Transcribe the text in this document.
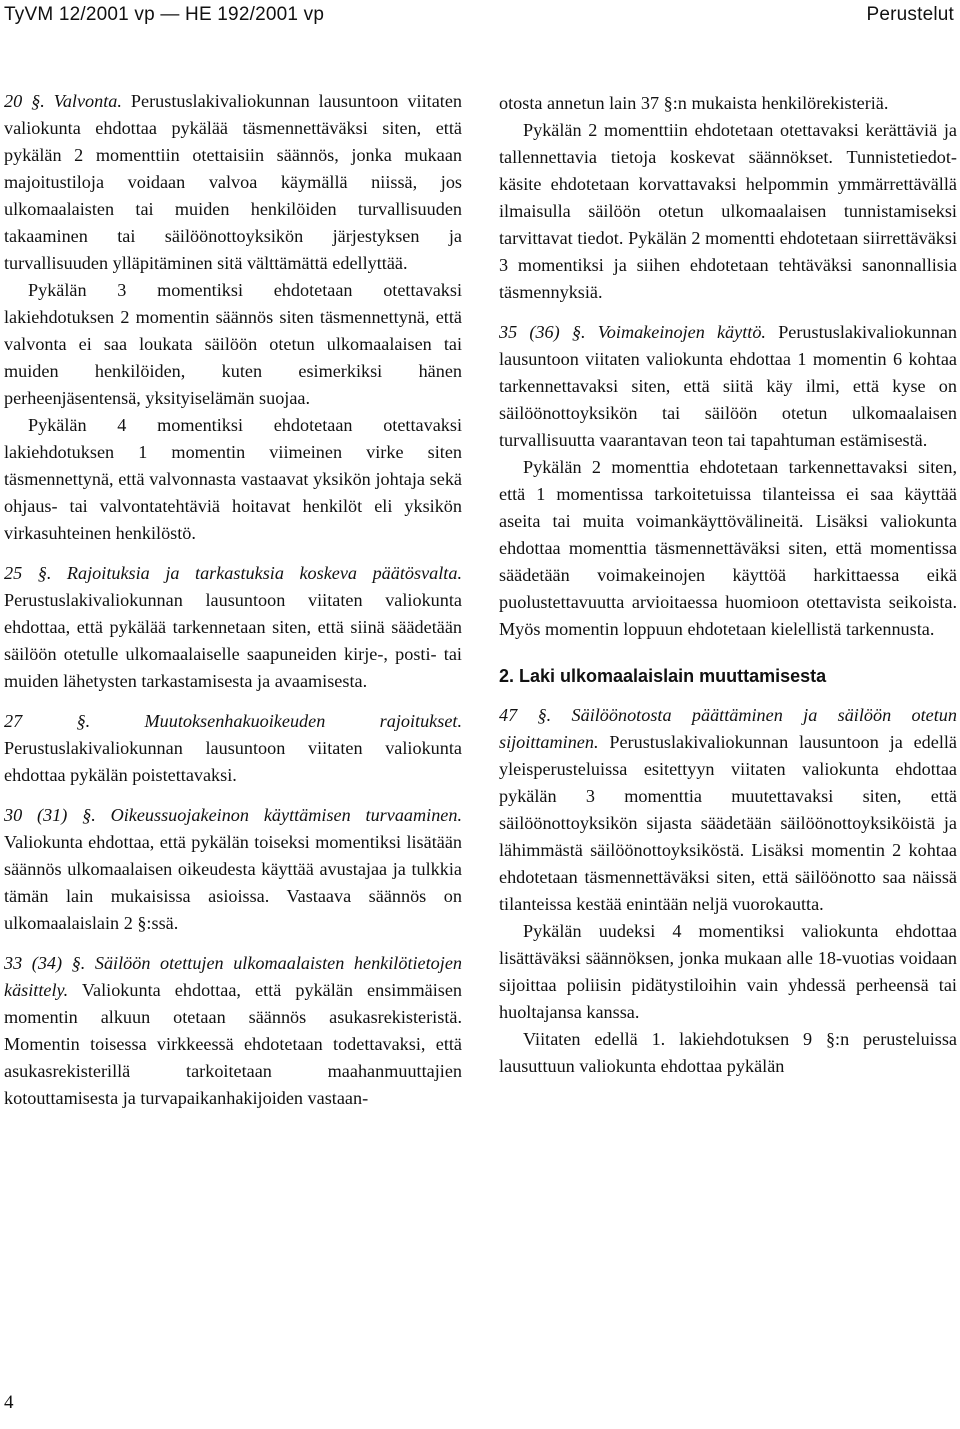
TyVM 12/2001 vp — HE 192/2001 vp	Perustelut

20 §. Valvonta. Perustuslakivaliokunnan lausuntoon viitaten valiokunta ehdottaa pykälää täsmennettäväksi siten, että pykälän 2 momenttiin otettaisiin säännös, jonka mukaan majoitustiloja voidaan valvoa käymällä niissä, jos ulkomaalaisten tai muiden henkilöiden turvallisuuden takaaminen tai säilöönottoyksikön järjestyksen ja turvallisuuden ylläpitäminen sitä välttämättä edellyttää.

Pykälän 3 momentiksi ehdotetaan otettavaksi lakiehdotuksen 2 momentin säännös siten täsmennettynä, että valvonta ei saa loukata säilöön otetun ulkomaalaisen tai muiden henkilöiden, kuten esimerkiksi hänen perheenjäsentensä, yksityiselämän suojaa.

Pykälän 4 momentiksi ehdotetaan otettavaksi lakiehdotuksen 1 momentin viimeinen virke siten täsmennettynä, että valvonnasta vastaavat yksikön johtaja sekä ohjaus- tai valvontatehtäviä hoitavat henkilöt eli yksikön virkasuhteinen henkilöstö.

25 §. Rajoituksia ja tarkastuksia koskeva päätösvalta. Perustuslakivaliokunnan lausuntoon viitaten valiokunta ehdottaa, että pykälää tarkennetaan siten, että siinä säädetään säilöön otetulle ulkomaalaiselle saapuneiden kirje-, posti- tai muiden lähetysten tarkastamisesta ja avaamisesta.

27 §. Muutoksenhakuoikeuden rajoitukset. Perustuslakivaliokunnan lausuntoon viitaten valiokunta ehdottaa pykälän poistettavaksi.

30 (31) §. Oikeussuojakeinon käyttämisen turvaaminen. Valiokunta ehdottaa, että pykälän toiseksi momentiksi lisätään säännös ulkomaalaisen oikeudesta käyttää avustajaa ja tulkkia tämän lain mukaisissa asioissa. Vastaava säännös on ulkomaalaislain 2 §:ssä.

33 (34) §. Säilöön otettujen ulkomaalaisten henkilötietojen käsittely. Valiokunta ehdottaa, että pykälän ensimmäisen momentin alkuun otetaan säännös asukasrekisteristä. Momentin toisessa virkkeessä ehdotetaan todettavaksi, että asukasrekisterillä tarkoitetaan maahanmuuttajien kotouttamisesta ja turvapaikanhakijoiden vastaan-

otosta annetun lain 37 §:n mukaista henkilörekisteriä.

Pykälän 2 momenttiin ehdotetaan otettavaksi kerättäviä ja tallennettavia tietoja koskevat säännökset. Tunnistetiedot-käsite ehdotetaan korvattavaksi helpommin ymmärrettävällä ilmaisulla säilöön otetun ulkomaalaisen tunnistamiseksi tarvittavat tiedot. Pykälän 2 momentti ehdotetaan siirrettäväksi 3 momentiksi ja siihen ehdotetaan tehtäväksi sanonnallisia täsmennyksiä.

35 (36) §. Voimakeinojen käyttö. Perustuslakivaliokunnan lausuntoon viitaten valiokunta ehdottaa 1 momentin 6 kohtaa tarkennettavaksi siten, että siitä käy ilmi, että kyse on säilöönottoyksikön tai säilöön otetun ulkomaalaisen turvallisuutta vaarantavan teon tai tapahtuman estämisestä.

Pykälän 2 momenttia ehdotetaan tarkennettavaksi siten, että 1 momentissa tarkoitetuissa tilanteissa ei saa käyttää aseita tai muita voimankäyttövälineitä. Lisäksi valiokunta ehdottaa momenttia täsmennettäväksi siten, että momentissa säädetään voimakeinojen käyttöä harkittaessa eikä puolustettavuutta arvioitaessa huomioon otettavista seikoista. Myös momentin loppuun ehdotetaan kielellistä tarkennusta.

2. Laki ulkomaalaislain muuttamisesta

47 §. Säilöönotosta päättäminen ja säilöön otetun sijoittaminen. Perustuslakivaliokunnan lausuntoon ja edellä yleisperusteluissa esitettyyn viitaten valiokunta ehdottaa pykälän 3 momenttia muutettavaksi siten, että säilöönottoyksikön sijasta säädetään säilöönottoyksiköistä ja lähimmästä säilöönottoyksiköstä. Lisäksi momentin 2 kohtaa ehdotetaan täsmennettäväksi siten, että säilöönotto saa näissä tilanteissa kestää enintään neljä vuorokautta.

Pykälän uudeksi 4 momentiksi valiokunta ehdottaa lisättäväksi säännöksen, jonka mukaan alle 18-vuotias voidaan sijoittaa poliisin pidätystiloihin vain yhdessä perheensä tai huoltajansa kanssa.

Viitaten edellä 1. lakiehdotuksen 9 §:n perusteluissa lausuttuun valiokunta ehdottaa pykälän

4
